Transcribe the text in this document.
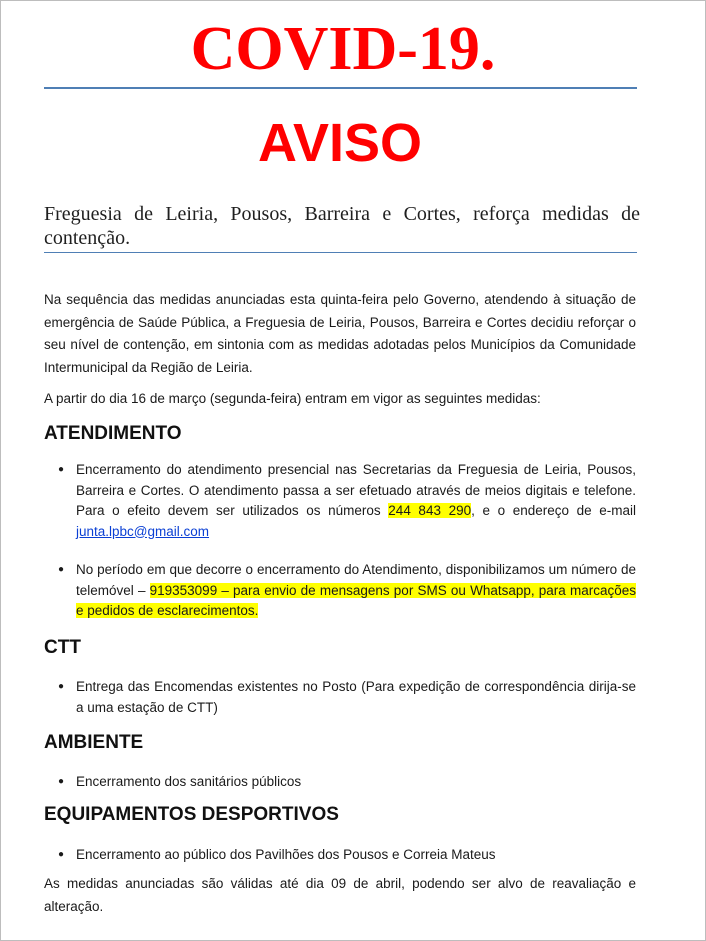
COVID-19.
AVISO

Freguesia de Leiria, Pousos, Barreira e Cortes, reforça medidas de contenção.

Na sequência das medidas anunciadas esta quinta-feira pelo Governo, atendendo à situação de emergência de Saúde Pública, a Freguesia de Leiria, Pousos, Barreira e Cortes decidiu reforçar o seu nível de contenção, em sintonia com as medidas adotadas pelos Municípios da Comunidade Intermunicipal da Região de Leiria.

A partir do dia 16 de março (segunda-feira) entram em vigor as seguintes medidas:

ATENDIMENTO
● Encerramento do atendimento presencial nas Secretarias da Freguesia de Leiria, Pousos, Barreira e Cortes. O atendimento passa a ser efetuado através de meios digitais e telefone. Para o efeito devem ser utilizados os números 244 843 290, e o endereço de e-mail junta.lpbc@gmail.com
● No período em que decorre o encerramento do Atendimento, disponibilizamos um número de telemóvel – 919353099 – para envio de mensagens por SMS ou Whatsapp, para marcações e pedidos de esclarecimentos.
CTT
● Entrega das Encomendas existentes no Posto (Para expedição de correspondência dirija-se a uma estação de CTT)
AMBIENTE
● Encerramento dos sanitários públicos
EQUIPAMENTOS DESPORTIVOS
● Encerramento ao público dos Pavilhões dos Pousos e Correia Mateus

As medidas anunciadas são válidas até dia 09 de abril, podendo ser alvo de reavaliação e alteração.
